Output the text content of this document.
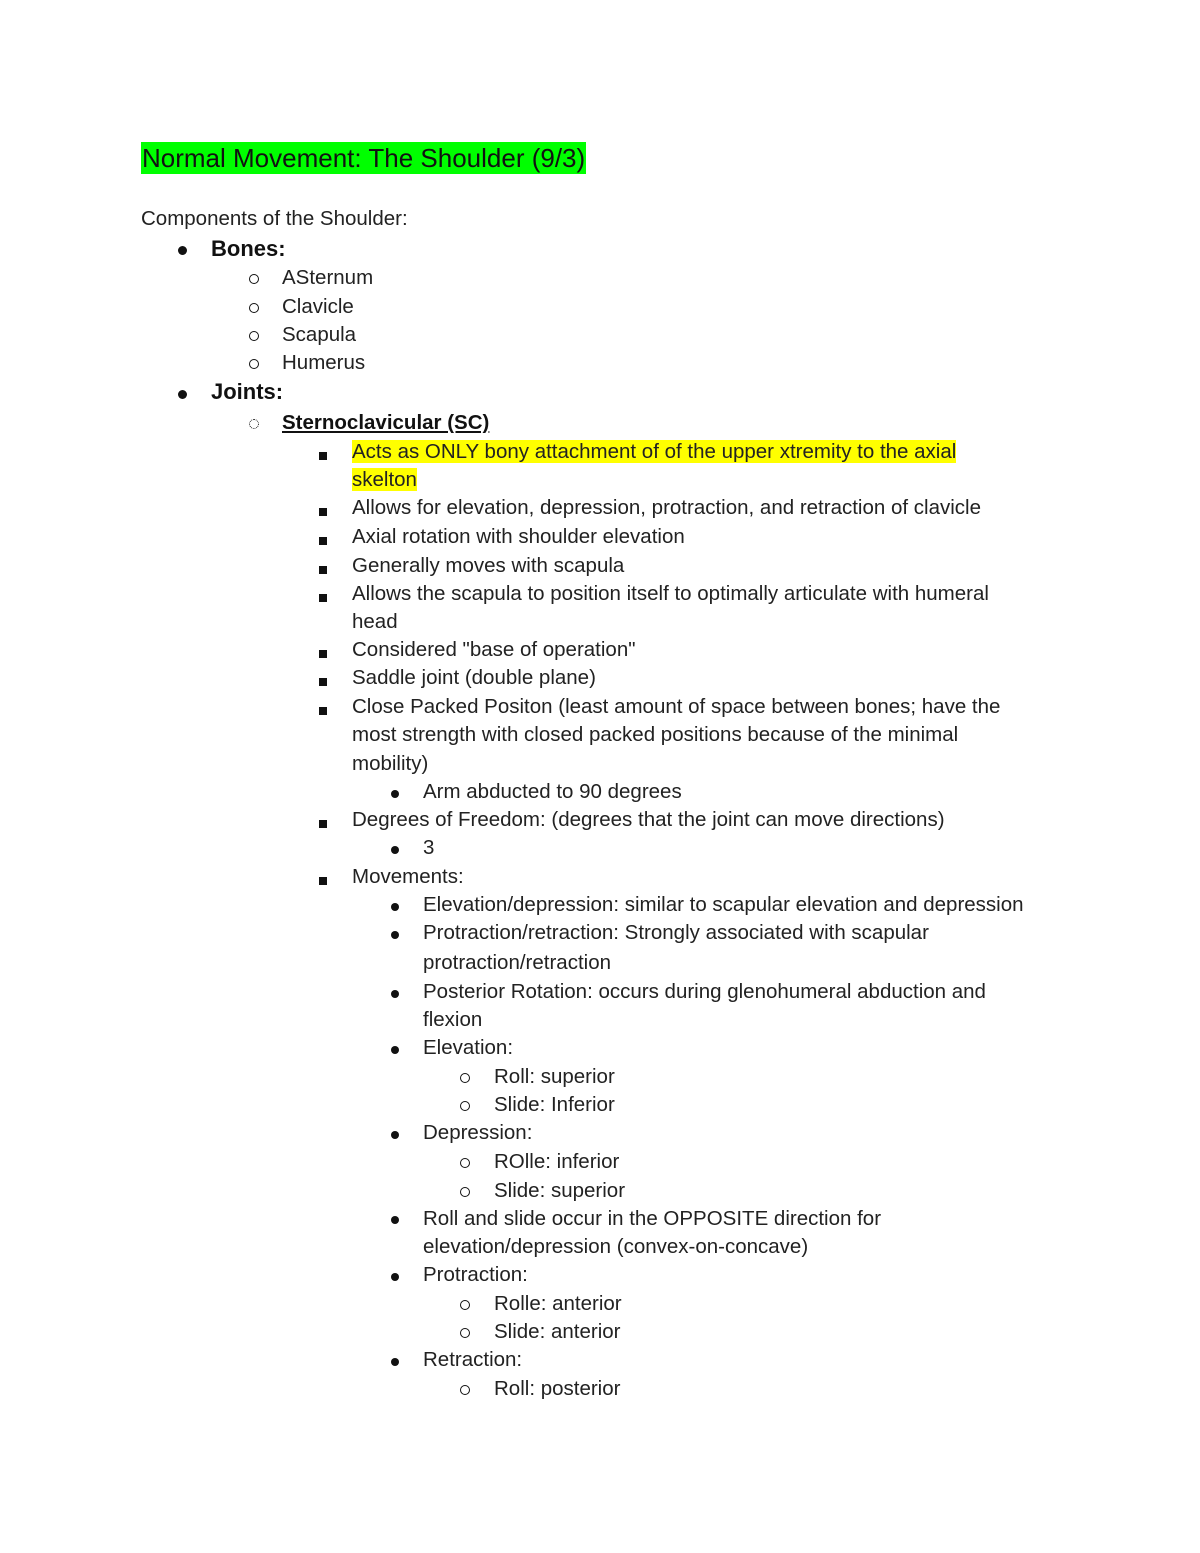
Normal Movement: The Shoulder (9/3)
Components of the Shoulder:
Bones:
ASternum
Clavicle
Scapula
Humerus
Joints:
Sternoclavicular (SC)
Acts as ONLY bony attachment of of the upper xtremity to the axial
skelton
Allows for elevation, depression, protraction, and retraction of clavicle
Axial rotation with shoulder elevation
Generally moves with scapula
Allows the scapula to position itself to optimally articulate with humeral
head
Considered "base of operation"
Saddle joint (double plane)
Close Packed Positon (least amount of space between bones; have the
most strength with closed packed positions because of the minimal
mobility)
Arm abducted to 90 degrees
Degrees of Freedom: (degrees that the joint can move directions)
3
Movements:
Elevation/depression: similar to scapular elevation and depression
Protraction/retraction: Strongly associated with scapular
protraction/retraction
Posterior Rotation: occurs during glenohumeral abduction and
flexion
Elevation:
Roll: superior
Slide: Inferior
Depression:
ROlle: inferior
Slide: superior
Roll and slide occur in the OPPOSITE direction for
elevation/depression (convex-on-concave)
Protraction:
Rolle: anterior
Slide: anterior
Retraction:
Roll: posterior
